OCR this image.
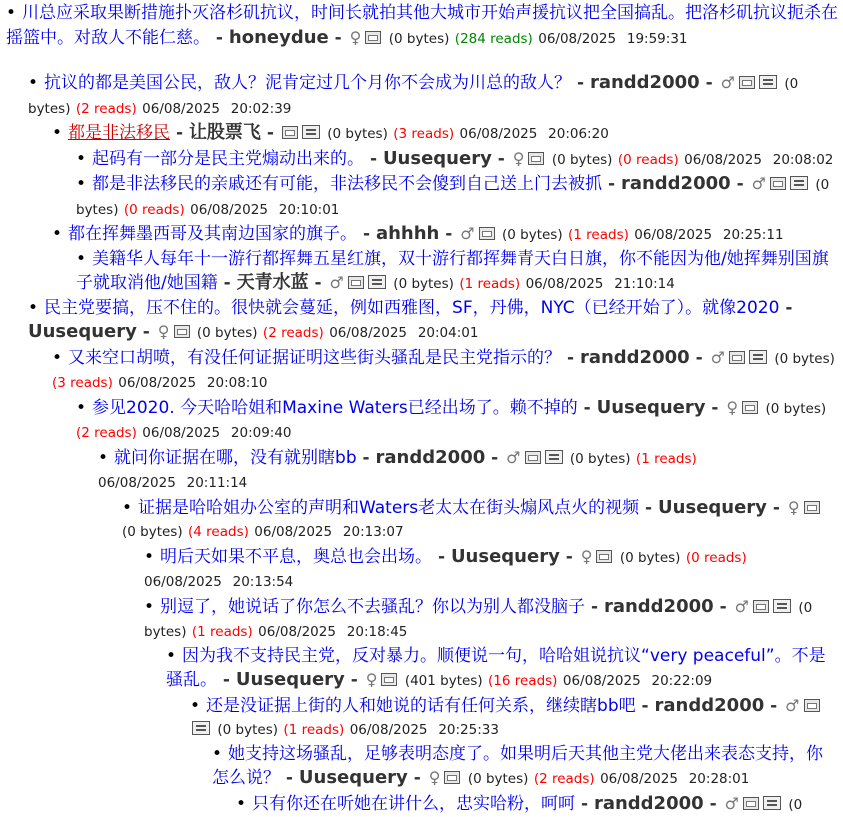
• 川总应采取果断措施扑灭洛杉矶抗议，时间长就拍其他大城市开始声援抗议把全国搞乱。把洛杉矶抗议扼杀在摇篮中。对敌人不能仁慈。 - honeydue - ♀ (0 bytes) (284 reads) 06/08/2025 19:59:31
• 抗议的都是美国公民，敌人？泥肯定过几个月你不会成为川总的敌人？ - randd2000 - ♂	(0 bytes) (2 reads) 06/08/2025 20:02:39
• 都是非法移民 - 让股票飞 -	(0 bytes) (3 reads) 06/08/2025 20:06:20
• 起码有一部分是民主党煽动出来的。 - Uusequery - ♀ (0 bytes) (0 reads) 06/08/2025 20:08:02
• 都是非法移民的亲戚还有可能，非法移民不会傻到自己送上门去被抓 - randd2000 - ♂	(0 bytes) (0 reads) 06/08/2025 20:10:01
• 都在挥舞墨西哥及其南边国家的旗子。 - ahhhh - ♂ (0 bytes) (1 reads) 06/08/2025 20:25:11
• 美籍华人每年十一游行都挥舞五星红旗，双十游行都挥舞青天白日旗，你不能因为他/她挥舞别国旗子就取消他/她国籍 - 天青水蓝 - ♂	(0 bytes) (1 reads) 06/08/2025 21:10:14
• 民主党要搞，压不住的。很快就会蔓延，例如西雅图，SF，丹佛，NYC（已经开始了）。就像2020 - Uusequery - ♀ (0 bytes) (2 reads) 06/08/2025 20:04:01
• 又来空口胡喷，有没任何证据证明这些街头骚乱是民主党指示的？ - randd2000 - ♂	(0 bytes) (3 reads) 06/08/2025 20:08:10
• 参见2020. 今天哈哈姐和Maxine Waters已经出场了。赖不掉的 - Uusequery - ♀ (0 bytes) (2 reads) 06/08/2025 20:09:40
• 就问你证据在哪，没有就别瞎bb - randd2000 - ♂	(0 bytes) (1 reads) 06/08/2025 20:11:14
• 证据是哈哈姐办公室的声明和Waters老太太在街头煽风点火的视频 - Uusequery - ♀ (0 bytes) (4 reads) 06/08/2025 20:13:07
• 明后天如果不平息，奥总也会出场。 - Uusequery - ♀ (0 bytes) (0 reads) 06/08/2025 20:13:54
• 别逗了，她说话了你怎么不去骚乱？你以为别人都没脑子 - randd2000 - ♂	(0 bytes) (1 reads) 06/08/2025 20:18:45
• 因为我不支持民主党，反对暴力。顺便说一句，哈哈姐说抗议“very peaceful”。不是骚乱。 - Uusequery - ♀ (401 bytes) (16 reads) 06/08/2025 20:22:09
• 还是没证据上街的人和她说的话有任何关系，继续瞎bb吧 - randd2000 - ♂ (0 bytes) (1 reads) 06/08/2025 20:25:33
• 她支持这场骚乱，足够表明态度了。如果明后天其他主党大佬出来表态支持，你怎么说？ - Uusequery - ♀ (0 bytes) (2 reads) 06/08/2025 20:28:01
• 只有你还在听她在讲什么，忠实哈粉，呵呵 - randd2000 - ♂	(0
